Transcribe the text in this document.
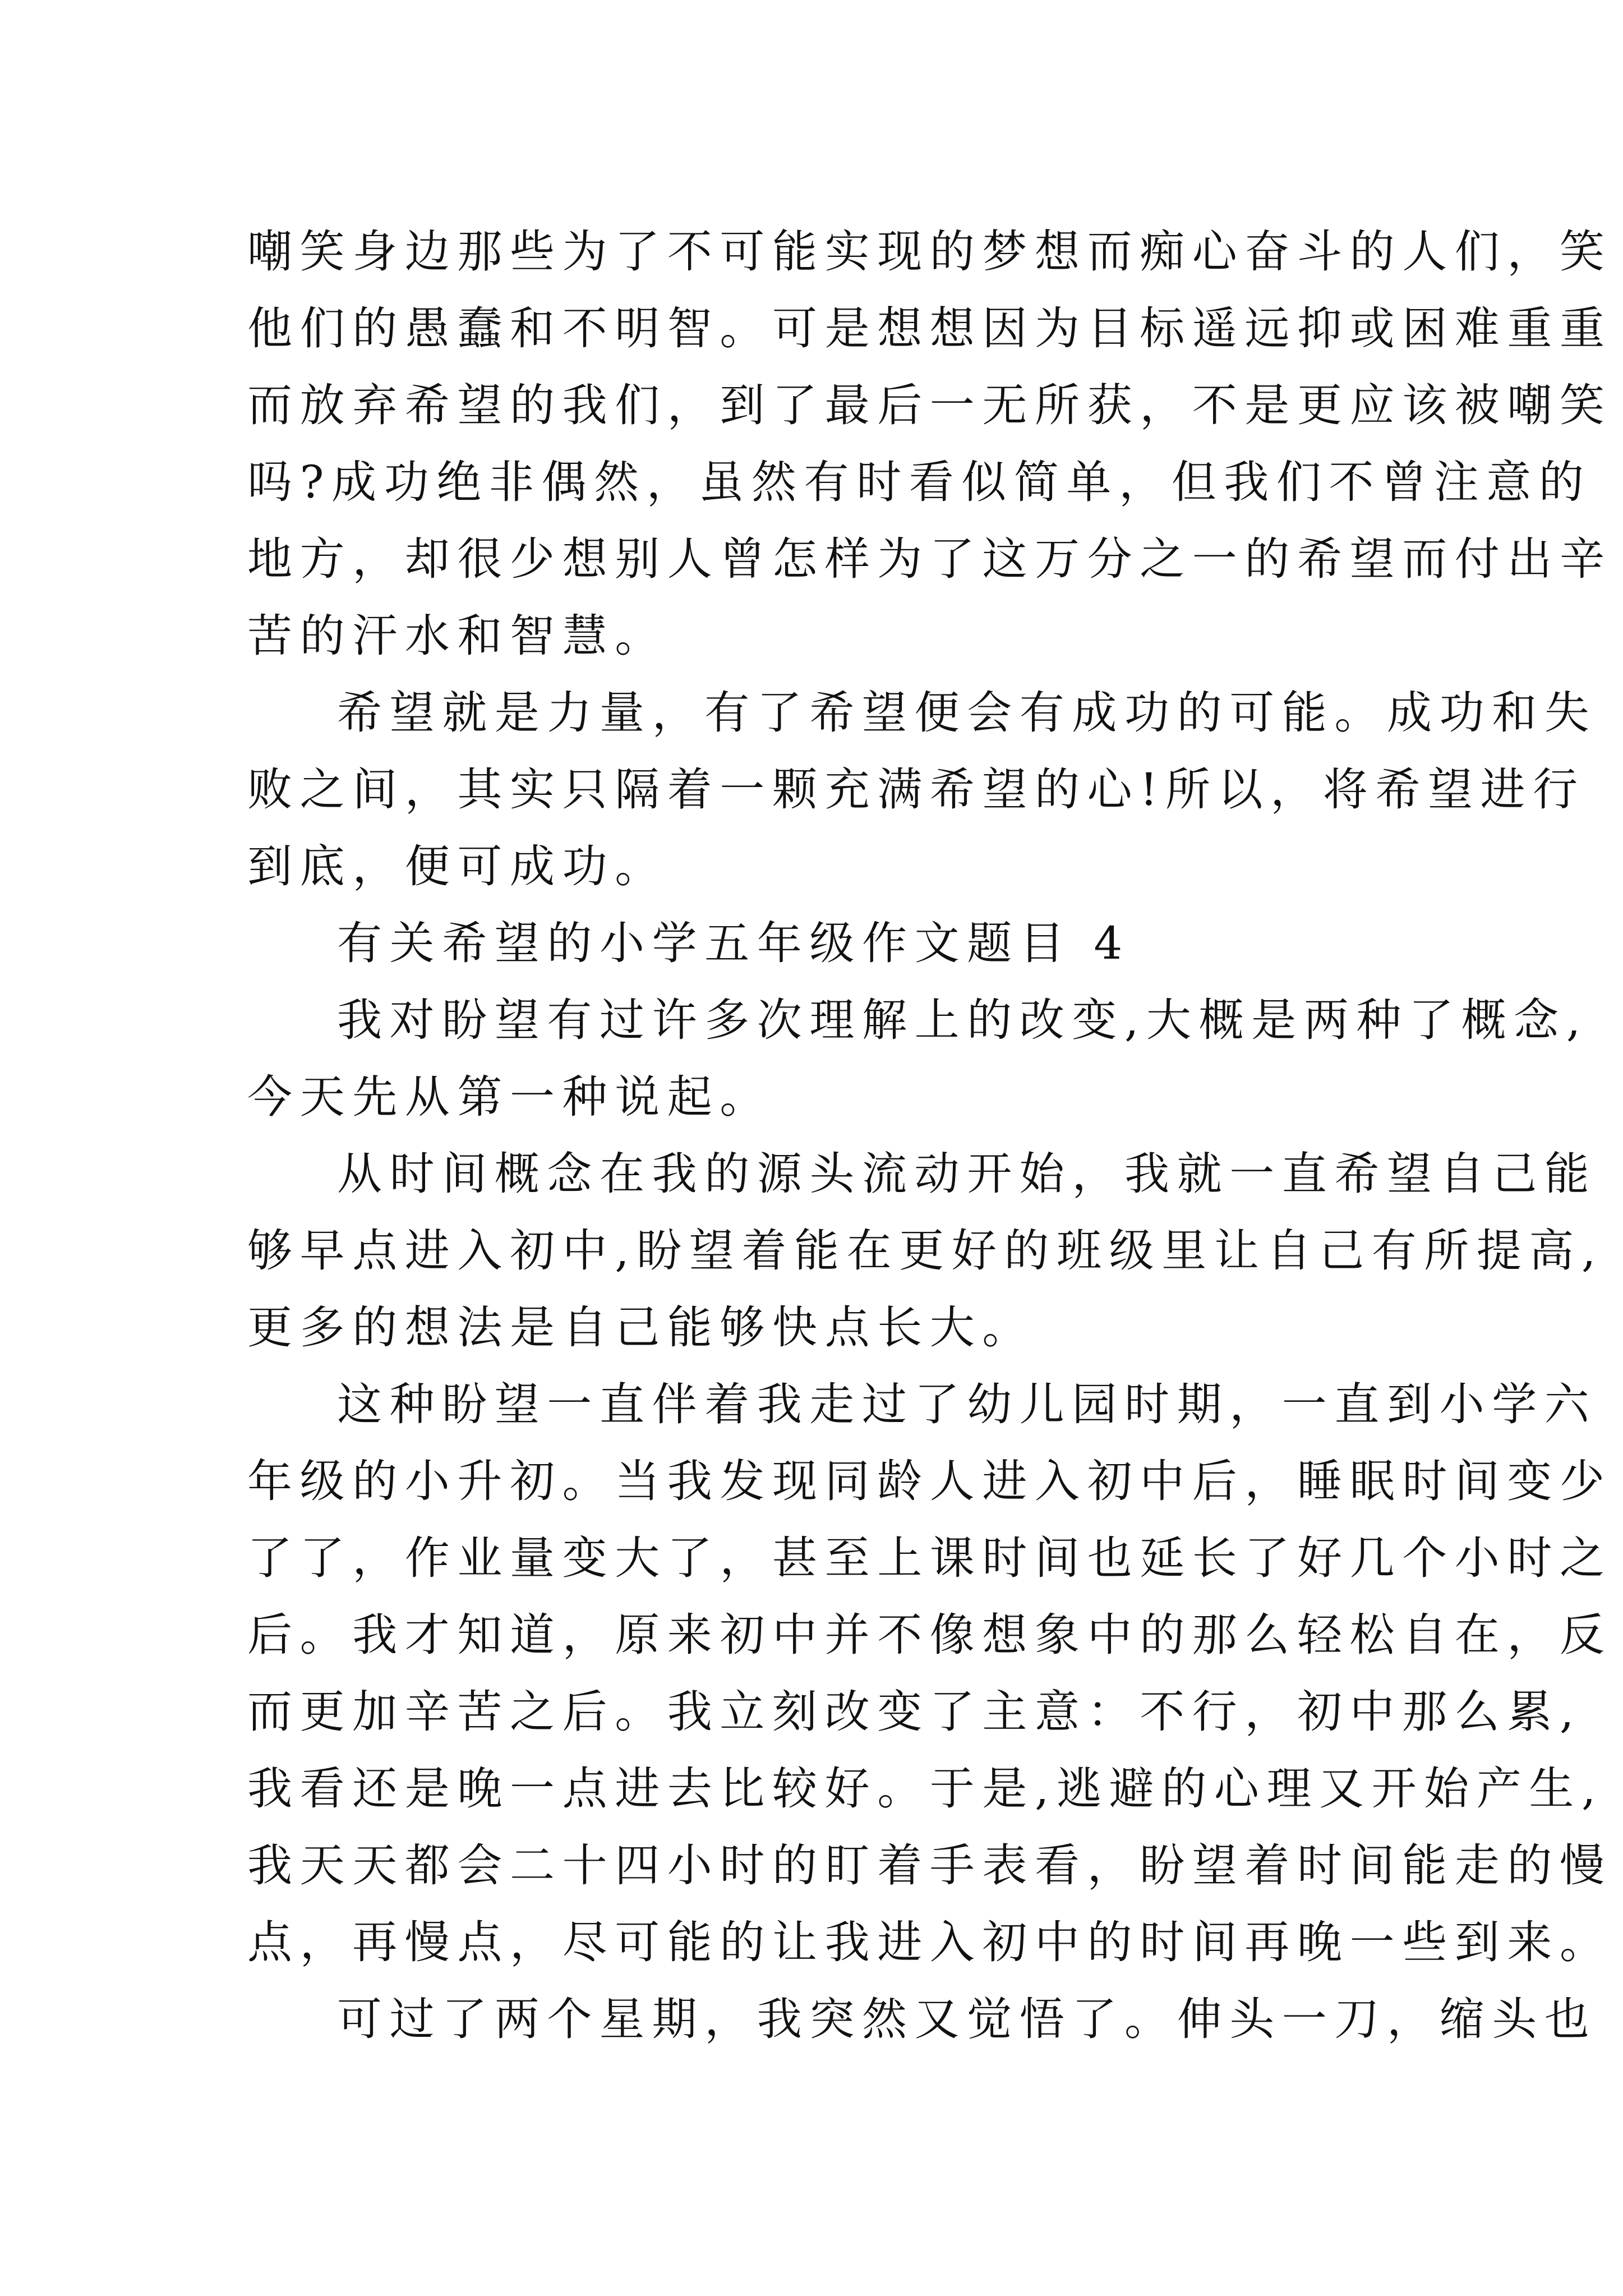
嘲笑身边那些为了不可能实现的梦想而痴心奋斗的人们，笑
他们的愚蠢和不明智。可是想想因为目标遥远抑或困难重重
而放弃希望的我们，到了最后一无所获，不是更应该被嘲笑
吗?成功绝非偶然，虽然有时看似简单，但我们不曾注意的
地方，却很少想别人曾怎样为了这万分之一的希望而付出辛
苦的汗水和智慧。
希望就是力量，有了希望便会有成功的可能。成功和失
败之间，其实只隔着一颗充满希望的心!所以，将希望进行
到底，便可成功。
有关希望的小学五年级作文题目 4
我对盼望有过许多次理解上的改变,大概是两种了概念,
今天先从第一种说起。
从时间概念在我的源头流动开始，我就一直希望自己能
够早点进入初中,盼望着能在更好的班级里让自己有所提高,
更多的想法是自己能够快点长大。
这种盼望一直伴着我走过了幼儿园时期，一直到小学六
年级的小升初。当我发现同龄人进入初中后，睡眠时间变少
了了，作业量变大了，甚至上课时间也延长了好几个小时之
后。我才知道，原来初中并不像想象中的那么轻松自在，反
而更加辛苦之后。我立刻改变了主意：不行，初中那么累,
我看还是晚一点进去比较好。于是,逃避的心理又开始产生,
我天天都会二十四小时的盯着手表看，盼望着时间能走的慢
点，再慢点，尽可能的让我进入初中的时间再晚一些到来。
可过了两个星期，我突然又觉悟了。伸头一刀，缩头也
